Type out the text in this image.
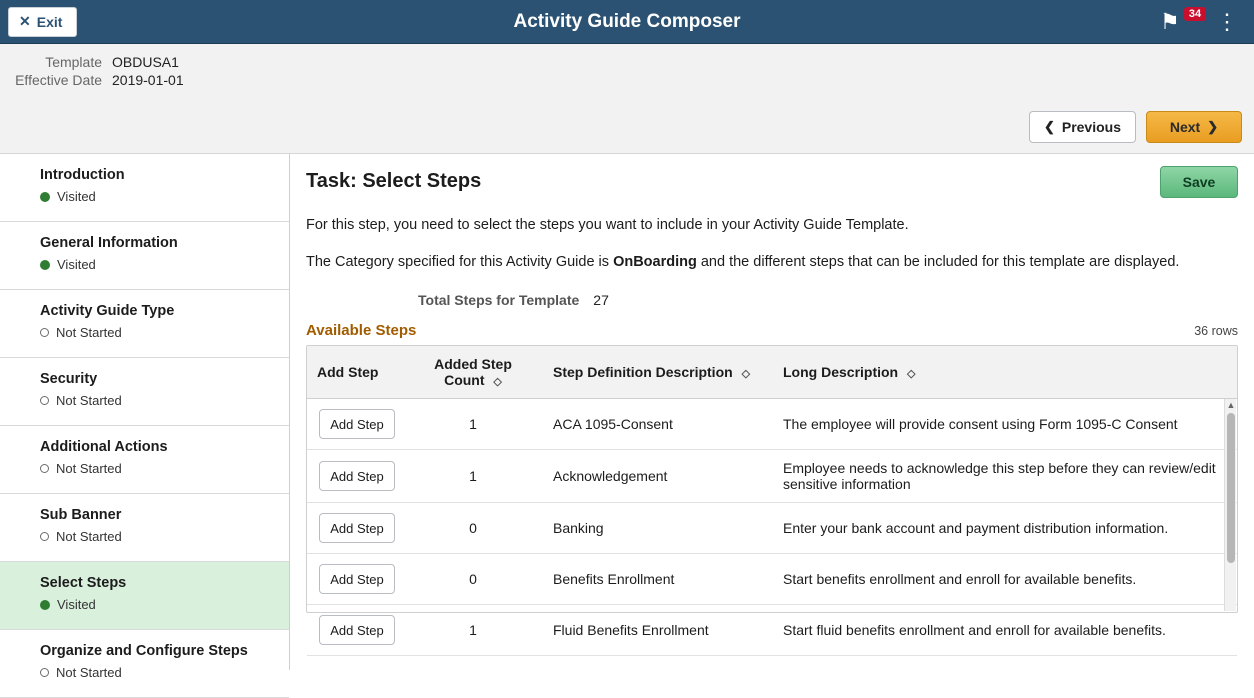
✕ Exit	Activity Guide Composer	⚑ 34 ⋮
Template OBDUSA1
Effective Date 2019-01-01
❮ Previous	Next ❯
Introduction
Visited
General Information
Visited
Activity Guide Type
Not Started
Security
Not Started
Additional Actions
Not Started
Sub Banner
Not Started
Select Steps
Visited
Organize and Configure Steps
Not Started
Task: Select Steps	Save
For this step, you need to select the steps you want to include in your Activity Guide Template.
The Category specified for this Activity Guide is OnBoarding and the different steps that can be included for this template are displayed.
Total Steps for Template 27
Available Steps	36 rows
Add Step	Added Step Count ◇	Step Definition Description ◇	Long Description ◇

Add Step	1	ACA 1095-Consent	The employee will provide consent using Form 1095-C Consent

Add Step	1	Acknowledgement	Employee needs to acknowledge this step before they can review/edit sensitive information

Add Step	0	Banking	Enter your bank account and payment distribution information.

Add Step	0	Benefits Enrollment	Start benefits enrollment and enroll for available benefits.

Add Step	1	Fluid Benefits Enrollment	Start fluid benefits enrollment and enroll for available benefits.
▲
